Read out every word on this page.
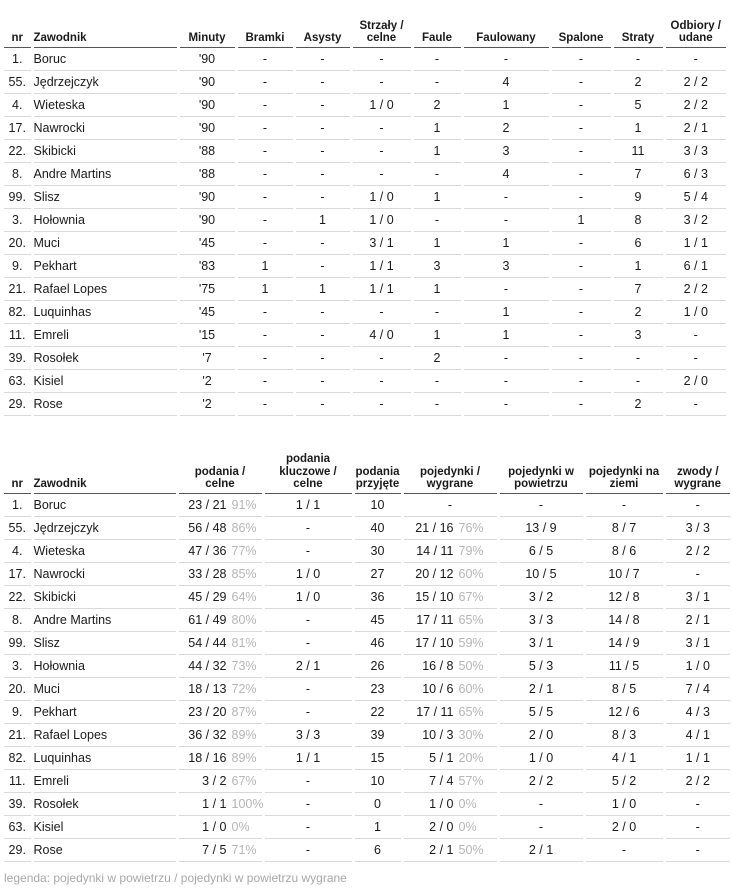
nr	Zawodnik	Minuty	Bramki	Asysty	Strzały / celne	Faule	Faulowany	Spalone	Straty	Odbiory / udane
1.	Boruc	'90	-	-	-	-	-	-	-	-
55.	Jędrzejczyk	'90	-	-	-	-	4	-	2	2 / 2
4.	Wieteska	'90	-	-	1 / 0	2	1	-	5	2 / 2
17.	Nawrocki	'90	-	-	-	1	2	-	1	2 / 1
22.	Skibicki	'88	-	-	-	1	3	-	11	3 / 3
8.	Andre Martins	'88	-	-	-	-	4	-	7	6 / 3
99.	Slisz	'90	-	-	1 / 0	1	-	-	9	5 / 4
3.	Hołownia	'90	-	1	1 / 0	-	-	1	8	3 / 2
20.	Muci	'45	-	-	3 / 1	1	1	-	6	1 / 1
9.	Pekhart	'83	1	-	1 / 1	3	3	-	1	6 / 1
21.	Rafael Lopes	'75	1	1	1 / 1	1	-	-	7	2 / 2
82.	Luquinhas	'45	-	-	-	-	1	-	2	1 / 0
11.	Emreli	'15	-	-	4 / 0	1	1	-	3	-
39.	Rosołek	'7	-	-	-	2	-	-	-	-
63.	Kisiel	'2	-	-	-	-	-	-	-	2 / 0
29.	Rose	'2	-	-	-	-	-	-	2	-
nr	Zawodnik	podania / celne	podania kluczowe / celne	podania przyjęte	pojedynki / wygrane	pojedynki w powietrzu	pojedynki na ziemi	zwody / wygrane
1.	Boruc	23 / 21 91%	1 / 1	10	-	-	-	-
55.	Jędrzejczyk	56 / 48 86%	-	40	21 / 16 76%	13 / 9	8 / 7	3 / 3
4.	Wieteska	47 / 36 77%	-	30	14 / 11 79%	6 / 5	8 / 6	2 / 2
17.	Nawrocki	33 / 28 85%	1 / 0	27	20 / 12 60%	10 / 5	10 / 7	-
22.	Skibicki	45 / 29 64%	1 / 0	36	15 / 10 67%	3 / 2	12 / 8	3 / 1
8.	Andre Martins	61 / 49 80%	-	45	17 / 11 65%	3 / 3	14 / 8	2 / 1
99.	Slisz	54 / 44 81%	-	46	17 / 10 59%	3 / 1	14 / 9	3 / 1
3.	Hołownia	44 / 32 73%	2 / 1	26	16 / 8 50%	5 / 3	11 / 5	1 / 0
20.	Muci	18 / 13 72%	-	23	10 / 6 60%	2 / 1	8 / 5	7 / 4
9.	Pekhart	23 / 20 87%	-	22	17 / 11 65%	5 / 5	12 / 6	4 / 3
21.	Rafael Lopes	36 / 32 89%	3 / 3	39	10 / 3 30%	2 / 0	8 / 3	4 / 1
82.	Luquinhas	18 / 16 89%	1 / 1	15	5 / 1 20%	1 / 0	4 / 1	1 / 1
11.	Emreli	3 / 2 67%	-	10	7 / 4 57%	2 / 2	5 / 2	2 / 2
39.	Rosołek	1 / 1 100%	-	0	1 / 0 0%	-	1 / 0	-
63.	Kisiel	1 / 0 0%	-	1	2 / 0 0%	-	2 / 0	-
29.	Rose	7 / 5 71%	-	6	2 / 1 50%	2 / 1	-	-
legenda: pojedynki w powietrzu / pojedynki w powietrzu wygrane
